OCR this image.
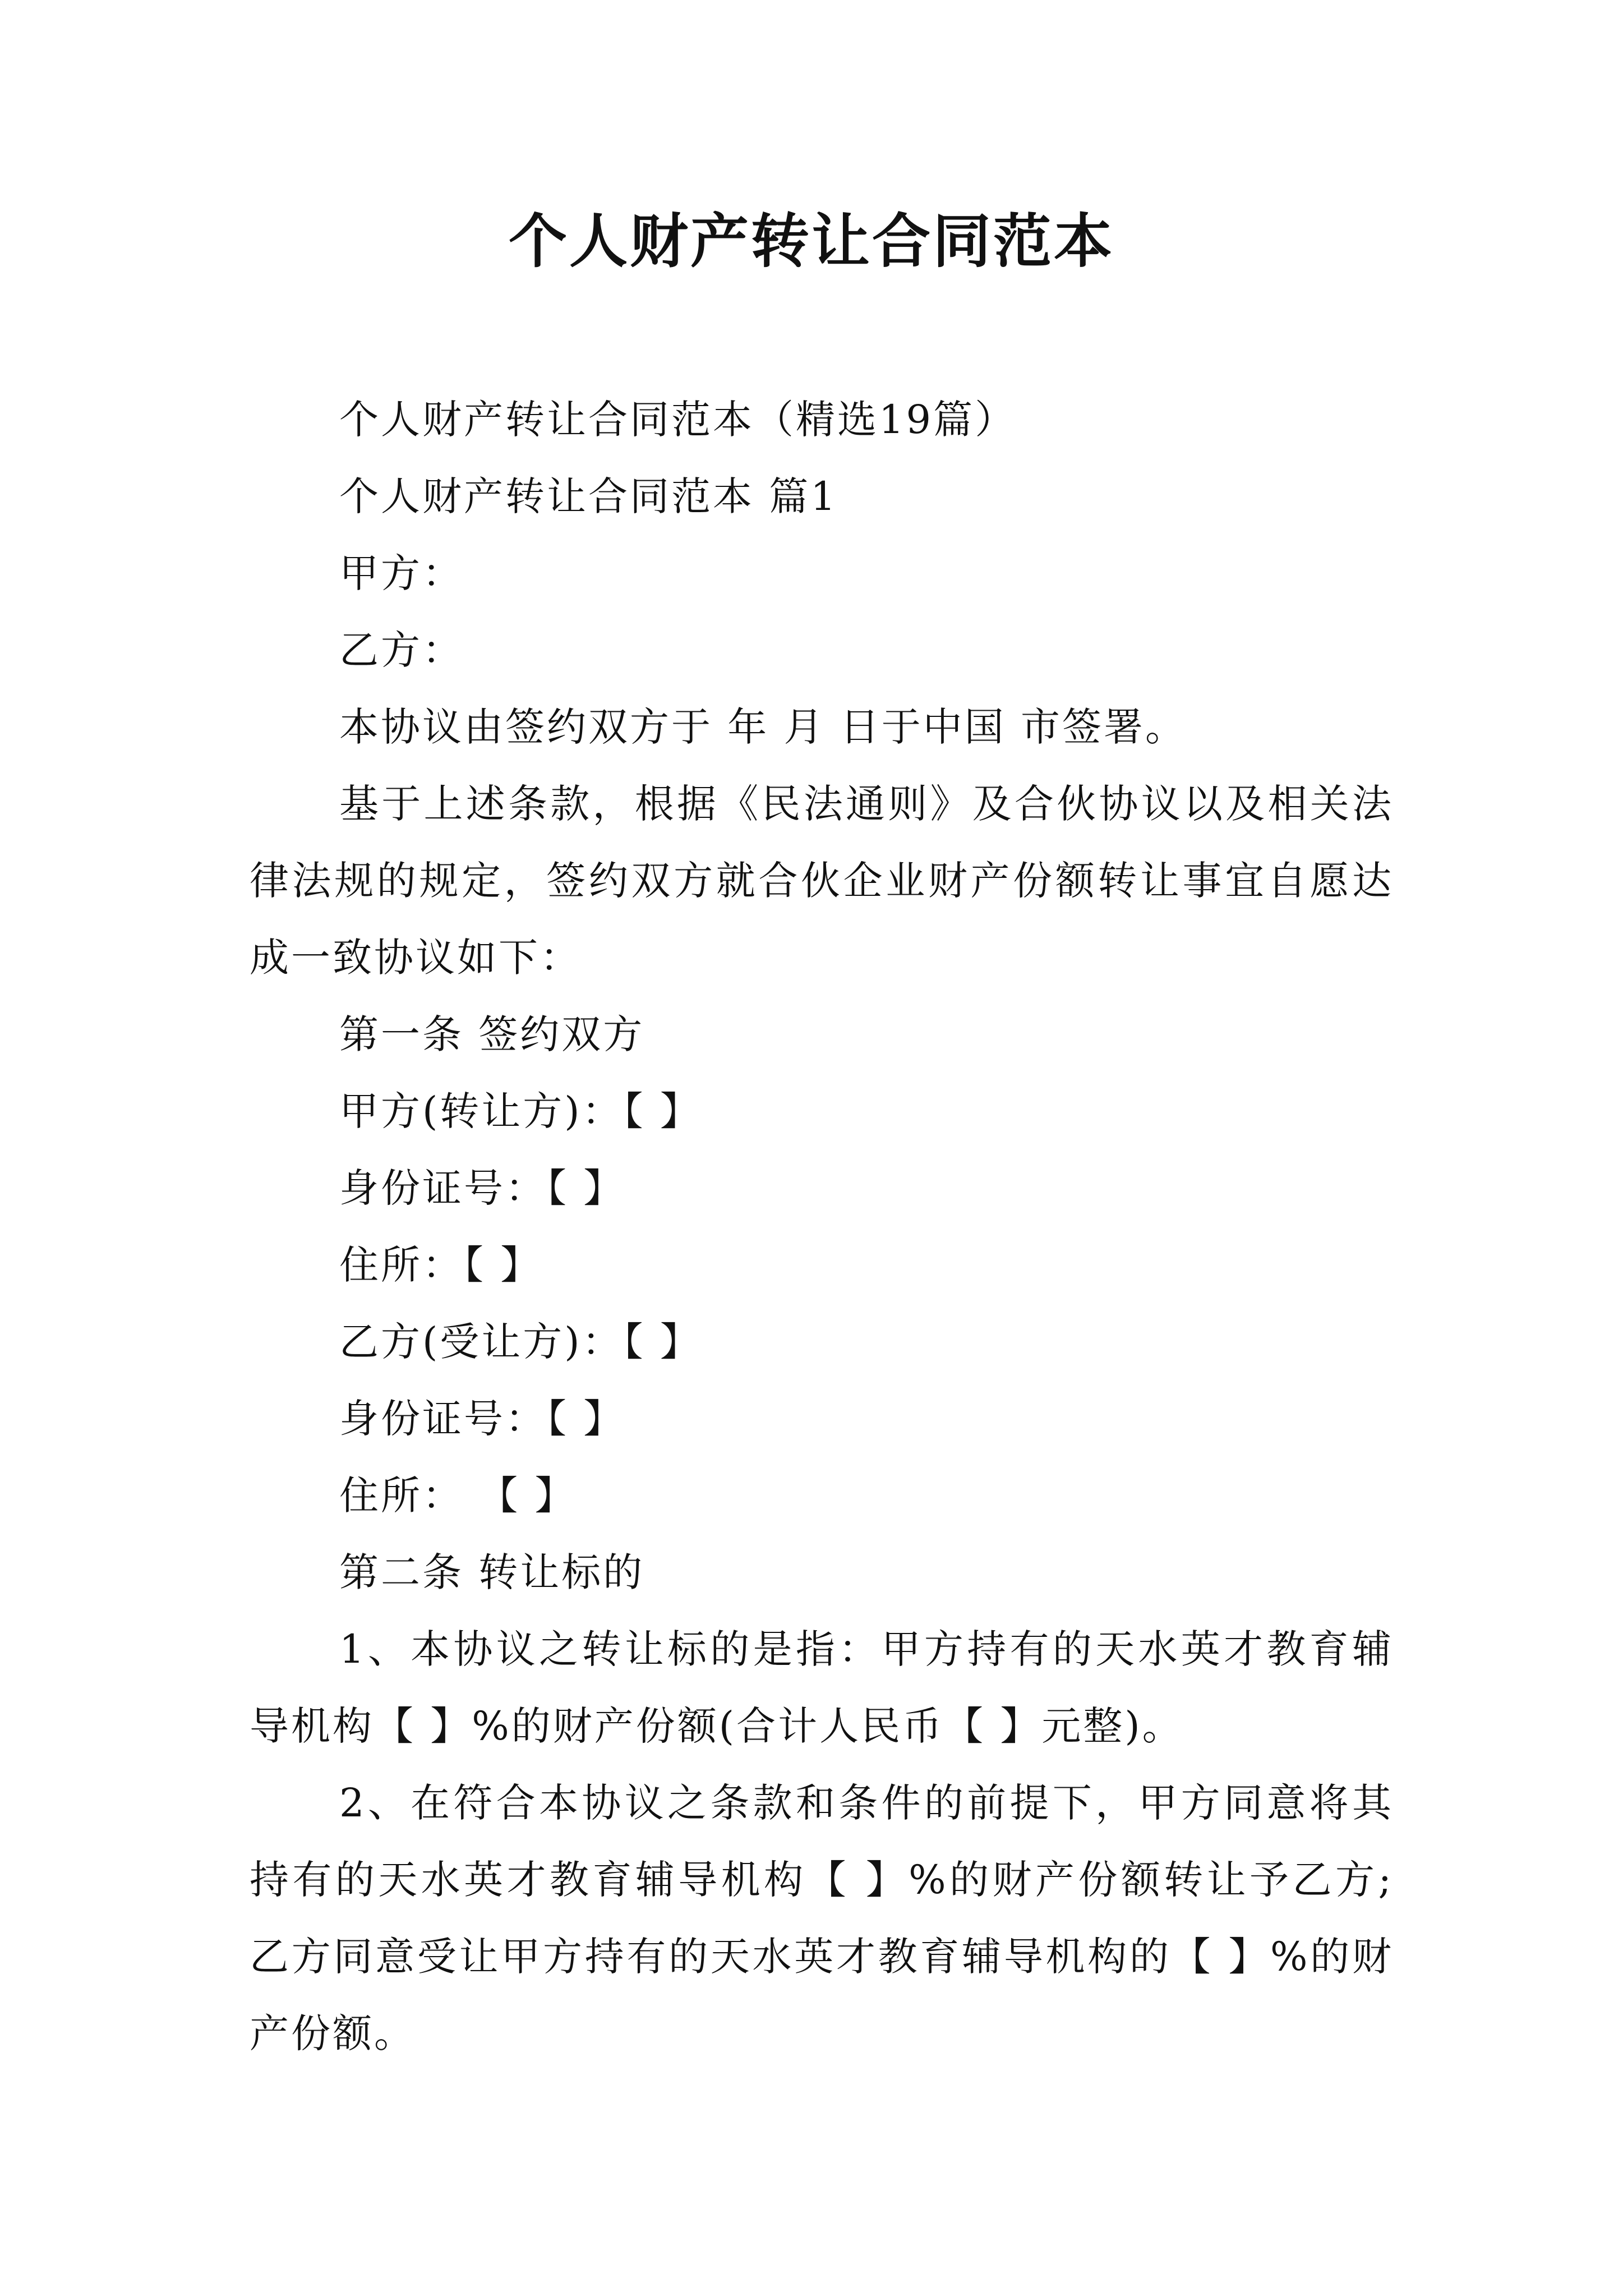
个人财产转让合同范本

个人财产转让合同范本（精选19篇）

个人财产转让合同范本 篇1

甲方：

乙方：

本协议由签约双方于 年 月 日于中国 市签署。

基于上述条款，根据《民法通则》及合伙协议以及相关法律法规的规定，签约双方就合伙企业财产份额转让事宜自愿达成一致协议如下：

第一条 签约双方

甲方(转让方)：【 】

身份证号：【 】

住所：【 】

乙方(受让方)：【 】

身份证号：【 】

住所： 【 】

第二条 转让标的

1、本协议之转让标的是指：甲方持有的天水英才教育辅导机构【 】%的财产份额(合计人民币【 】元整)。

2、在符合本协议之条款和条件的前提下，甲方同意将其持有的天水英才教育辅导机构【 】%的财产份额转让予乙方;乙方同意受让甲方持有的天水英才教育辅导机构的【 】%的财产份额。
